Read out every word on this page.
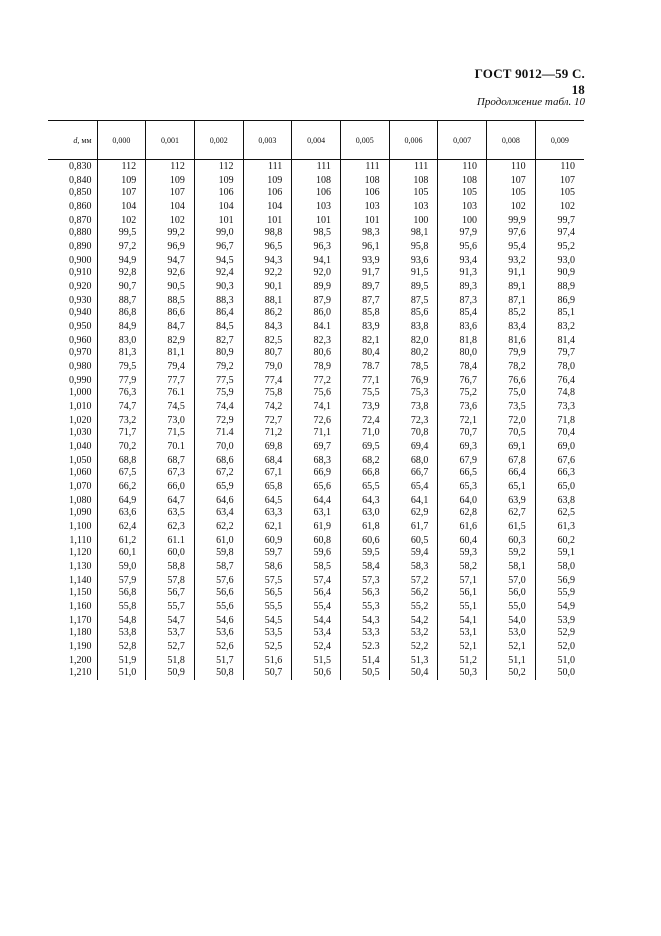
ГОСТ 9012—59 С. 18
Продолжение табл. 10
d, мм	0,000	0,001	0,002	0,003	0,004	0,005	0,006	0,007	0,008	0,009
0,830	112	112	112	111	111	111	111	110	110	110
0,840	109	109	109	109	108	108	108	108	107	107
0,850	107	107	106	106	106	106	105	105	105	105
0,860	104	104	104	104	103	103	103	103	102	102
0,870	102	102	101	101	101	101	100	100	99,9	99,7
0,880	99,5	99,2	99,0	98,8	98,5	98,3	98,1	97,9	97,6	97,4
0,890	97,2	96,9	96,7	96,5	96,3	96,1	95,8	95,6	95,4	95,2
0,900	94,9	94,7	94,5	94,3	94,1	93,9	93,6	93,4	93,2	93,0
0,910	92,8	92,6	92,4	92,2	92,0	91,7	91,5	91,3	91,1	90,9
0,920	90,7	90,5	90,3	90,1	89,9	89,7	89,5	89,3	89,1	88,9
0,930	88,7	88,5	88,3	88,1	87,9	87,7	87,5	87,3	87,1	86,9
0,940	86,8	86,6	86,4	86,2	86,0	85,8	85,6	85,4	85,2	85,1
0,950	84,9	84,7	84,5	84,3	84.1	83,9	83,8	83,6	83,4	83,2
0,960	83,0	82,9	82,7	82,5	82,3	82,1	82,0	81,8	81,6	81,4
0,970	81,3	81,1	80,9	80,7	80,6	80,4	80,2	80,0	79,9	79,7
0,980	79,5	79,4	79,2	79,0	78,9	78.7	78,5	78,4	78,2	78,0
0,990	77,9	77,7	77,5	77,4	77,2	77,1	76,9	76,7	76,6	76,4
1,000	76,3	76.1	75,9	75,8	75,6	75,5	75,3	75,2	75,0	74,8
1,010	74,7	74,5	74,4	74,2	74,1	73,9	73,8	73,6	73,5	73,3
1,020	73,2	73,0	72,9	72,7	72,6	72,4	72,3	72,1	72,0	71,8
1,030	71,7	71,5	71.4	71,2	71,1	71,0	70,8	70,7	70,5	70,4
1,040	70,2	70.1	70,0	69,8	69,7	69,5	69,4	69,3	69,1	69,0
1,050	68,8	68,7	68,6	68,4	68,3	68,2	68,0	67,9	67,8	67,6
1,060	67,5	67,3	67,2	67,1	66,9	66,8	66,7	66,5	66,4	66,3
1,070	66,2	66,0	65,9	65,8	65,6	65,5	65,4	65,3	65,1	65,0
1,080	64,9	64,7	64,6	64,5	64,4	64,3	64,1	64,0	63,9	63,8
1,090	63,6	63,5	63,4	63,3	63,1	63,0	62,9	62,8	62,7	62,5
1,100	62,4	62,3	62,2	62,1	61,9	61,8	61,7	61,6	61,5	61,3
1,110	61,2	61.1	61,0	60,9	60,8	60,6	60,5	60,4	60,3	60,2
1,120	60,1	60,0	59,8	59,7	59,6	59,5	59,4	59,3	59,2	59,1
1,130	59,0	58,8	58,7	58,6	58,5	58,4	58,3	58,2	58,1	58,0
1,140	57,9	57,8	57,6	57,5	57,4	57,3	57,2	57,1	57,0	56,9
1,150	56,8	56,7	56,6	56,5	56,4	56,3	56,2	56,1	56,0	55,9
1,160	55,8	55,7	55,6	55,5	55,4	55,3	55,2	55,1	55,0	54,9
1,170	54,8	54,7	54,6	54,5	54,4	54,3	54,2	54,1	54,0	53,9
1,180	53,8	53,7	53,6	53,5	53,4	53,3	53,2	53,1	53,0	52,9
1,190	52,8	52,7	52,6	52,5	52,4	52.3	52,2	52,1	52,1	52,0
1,200	51,9	51,8	51,7	51,6	51,5	51,4	51,3	51,2	51,1	51,0
1,210	51,0	50,9	50,8	50,7	50,6	50,5	50,4	50,3	50,2	50,0
